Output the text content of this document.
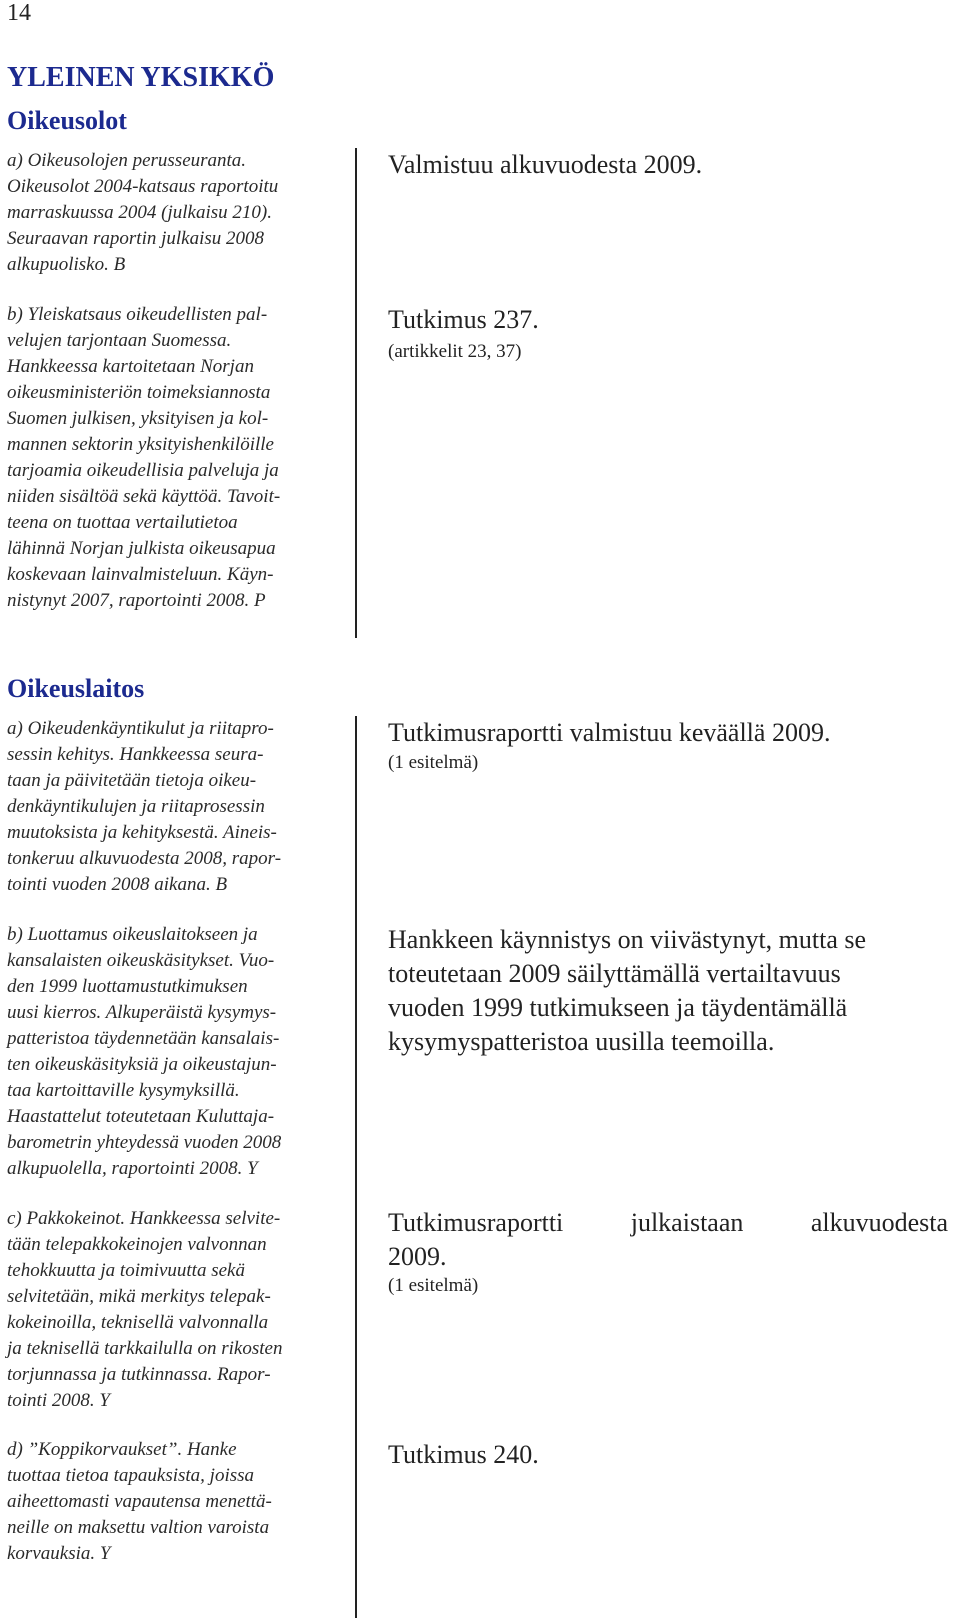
14
YLEINEN YKSIKKÖ
Oikeusolot
a) Oikeusolojen perusseuranta.
Oikeusolot 2004-katsaus raportoitu
marraskuussa 2004 (julkaisu 210).
Seuraavan raportin julkaisu 2008
alkupuolisko. B
b) Yleiskatsaus oikeudellisten pal-
velujen tarjontaan Suomessa.
Hankkeessa kartoitetaan Norjan
oikeusministeriön toimeksiannosta
Suomen julkisen, yksityisen ja kol-
mannen sektorin yksityishenkilöille
tarjoamia oikeudellisia palveluja ja
niiden sisältöä sekä käyttöä. Tavoit-
teena on tuottaa vertailutietoa
lähinnä Norjan julkista oikeusapua
koskevaan lainvalmisteluun. Käyn-
nistynyt 2007, raportointi 2008. P
Valmistuu alkuvuodesta 2009.
Tutkimus 237.
(artikkelit 23, 37)
Oikeuslaitos
a) Oikeudenkäyntikulut ja riitapro-
sessin kehitys. Hankkeessa seura-
taan ja päivitetään tietoja oikeu-
denkäyntikulujen ja riitaprosessin
muutoksista ja kehityksestä. Aineis-
tonkeruu alkuvuodesta 2008, rapor-
tointi vuoden 2008 aikana. B
b) Luottamus oikeuslaitokseen ja
kansalaisten oikeuskäsitykset. Vuo-
den 1999 luottamustutkimuksen
uusi kierros. Alkuperäistä kysymys-
patteristoa täydennetään kansalais-
ten oikeuskäsityksiä ja oikeustajun-
taa kartoittaville kysymyksillä.
Haastattelut toteutetaan Kuluttaja-
barometrin yhteydessä vuoden 2008
alkupuolella, raportointi 2008. Y
c) Pakkokeinot. Hankkeessa selvite-
tään telepakkokeinojen valvonnan
tehokkuutta ja toimivuutta sekä
selvitetään, mikä merkitys telepak-
kokeinoilla, teknisellä valvonnalla
ja teknisellä tarkkailulla on rikosten
torjunnassa ja tutkinnassa. Rapor-
tointi 2008. Y
d) ”Koppikorvaukset”. Hanke
tuottaa tietoa tapauksista, joissa
aiheettomasti vapautensa menettä-
neille on maksettu valtion varoista
korvauksia. Y
Tutkimusraportti valmistuu keväällä 2009.
(1 esitelmä)
Hankkeen käynnistys on viivästynyt, mutta se
toteutetaan 2009 säilyttämällä vertailtavuus
vuoden 1999 tutkimukseen ja täydentämällä
kysymyspatteristoa uusilla teemoilla.
Tutkimusraportti	julkaistaan	alkuvuodesta
2009.
(1 esitelmä)
Tutkimus 240.
